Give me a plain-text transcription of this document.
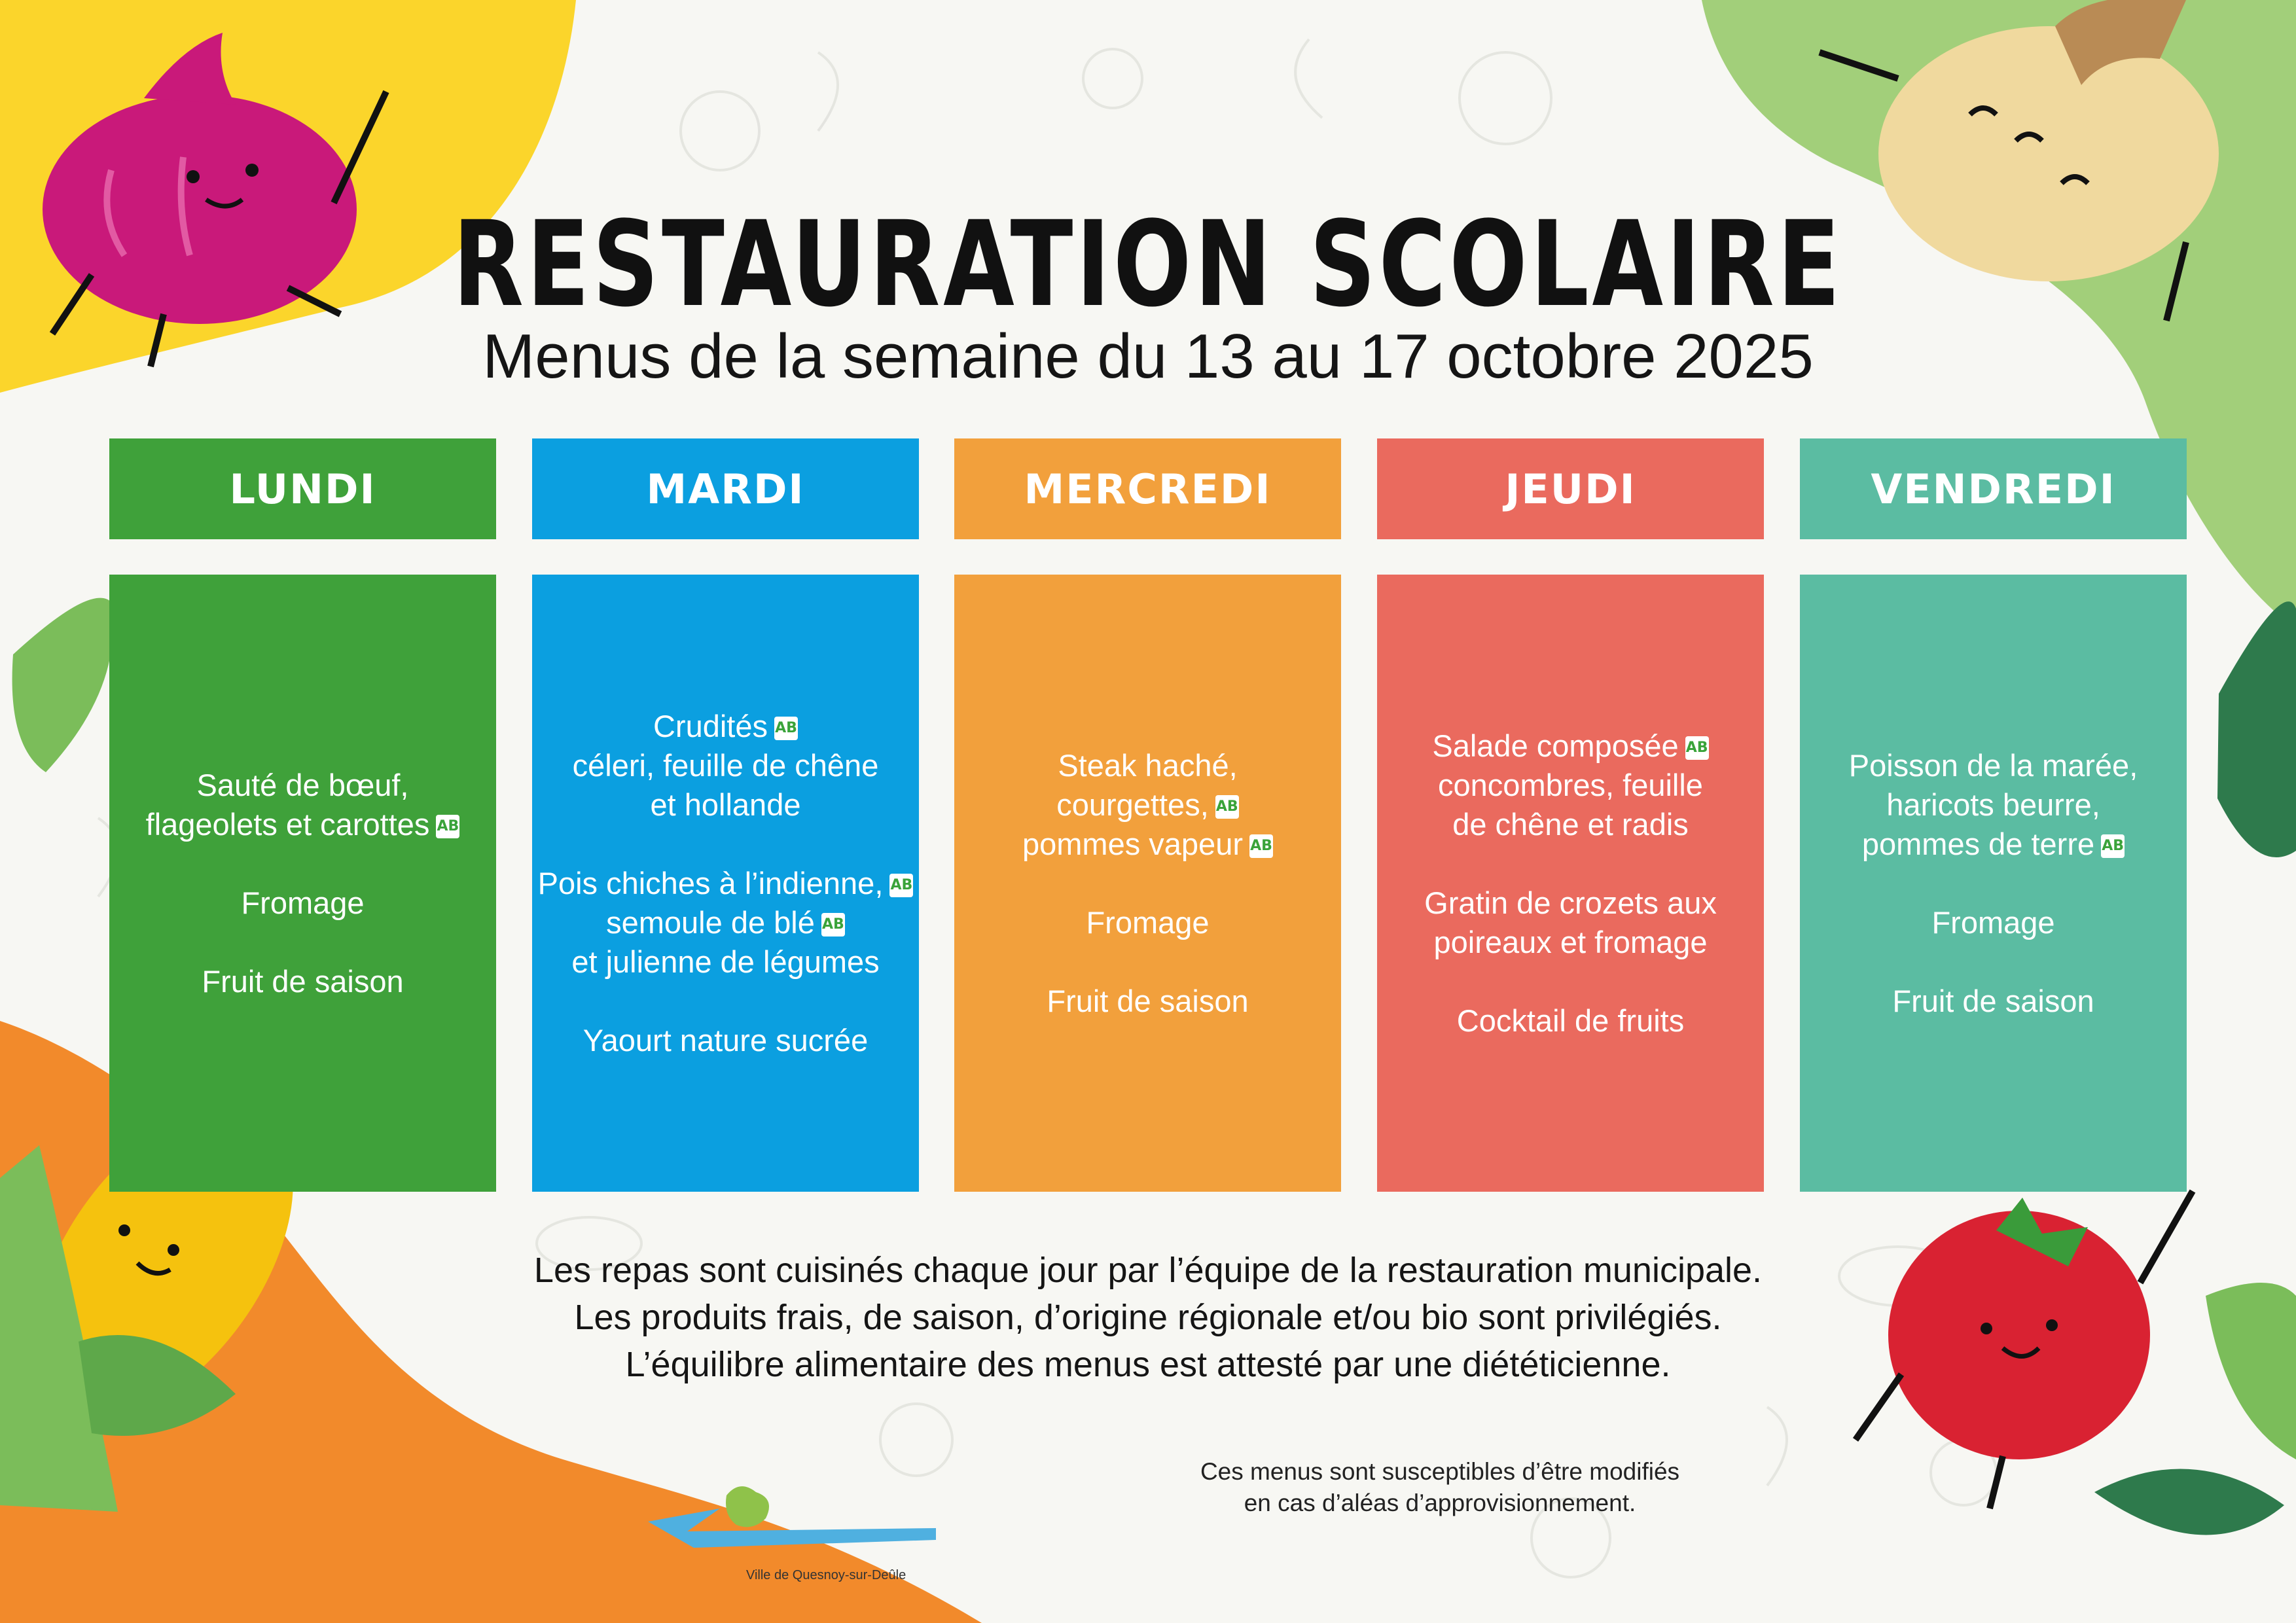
RESTAURATION SCOLAIRE
Menus de la semaine du 13 au 17 octobre 2025
LUNDI
Sauté de bœuf,
flageolets et carottes AB
Fromage
Fruit de saison
MARDI
Crudités AB
céleri, feuille de chêne
et hollande
Pois chiches à l’indienne, AB
semoule de blé AB
et julienne de légumes
Yaourt nature sucrée
MERCREDI
Steak haché,
courgettes, AB
pommes vapeur AB
Fromage
Fruit de saison
JEUDI
Salade composée AB
concombres, feuille
de chêne et radis
Gratin de crozets aux
poireaux et fromage
Cocktail de fruits
VENDREDI
Poisson de la marée,
haricots beurre,
pommes de terre AB
Fromage
Fruit de saison
Les repas sont cuisinés chaque jour par l’équipe de la restauration municipale.
Les produits frais, de saison, d’origine régionale et/ou bio sont privilégiés.
L’équilibre alimentaire des menus est attesté par une diététicienne.
Ces menus sont susceptibles d’être modifiés
en cas d’aléas d’approvisionnement.
Ville de Quesnoy-sur-Deûle
